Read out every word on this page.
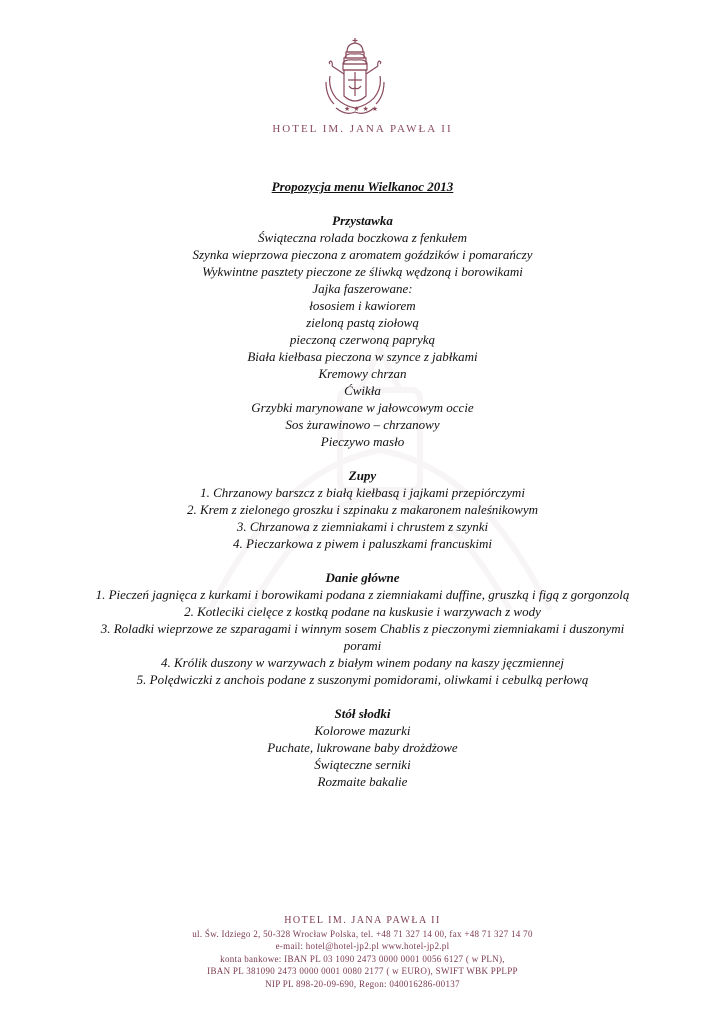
★★★★
HOTEL IM. JANA PAWŁA II
Propozycja menu Wielkanoc 2013
Przystawka
Świąteczna rolada boczkowa z fenkułem
Szynka wieprzowa pieczona z aromatem goździków i pomarańczy
Wykwintne pasztety pieczone ze śliwką wędzoną i borowikami
Jajka faszerowane:
łososiem i kawiorem
zieloną pastą ziołową
pieczoną czerwoną papryką
Biała kiełbasa pieczona w szynce z jabłkami
Kremowy chrzan
Ćwikła
Grzybki marynowane w jałowcowym occie
Sos żurawinowo – chrzanowy
Pieczywo masło
Zupy
1. Chrzanowy barszcz z białą kiełbasą i jajkami przepiórczymi
2. Krem z zielonego groszku i szpinaku z makaronem naleśnikowym
3. Chrzanowa z ziemniakami i chrustem z szynki
4. Pieczarkowa z piwem i paluszkami francuskimi
Danie główne
1. Pieczeń jagnięca z kurkami i borowikami podana z ziemniakami duffine, gruszką i figą z gorgonzolą
2. Kotleciki cielęce z kostką podane na kuskusie i warzywach z wody
3. Roladki wieprzowe ze szparagami i winnym sosem Chablis z pieczonymi ziemniakami i duszonymi porami
4. Królik duszony w warzywach z białym winem podany na kaszy jęczmiennej
5. Polędwiczki z anchois podane z suszonymi pomidorami, oliwkami i cebulką perłową
Stół słodki
Kolorowe mazurki
Puchate, lukrowane baby drożdżowe
Świąteczne serniki
Rozmaite bakalie
HOTEL IM. JANA PAWŁA II
ul. Św. Idziego 2, 50-328 Wrocław Polska, tel. +48 71 327 14 00, fax +48 71 327 14 70
e-mail: hotel@hotel-jp2.pl www.hotel-jp2.pl
konta bankowe: IBAN PL 03 1090 2473 0000 0001 0056 6127 ( w PLN),
IBAN PL 381090 2473 0000 0001 0080 2177 ( w EURO), SWIFT WBK PPLPP
NIP PL 898-20-09-690, Regon: 040016286-00137
